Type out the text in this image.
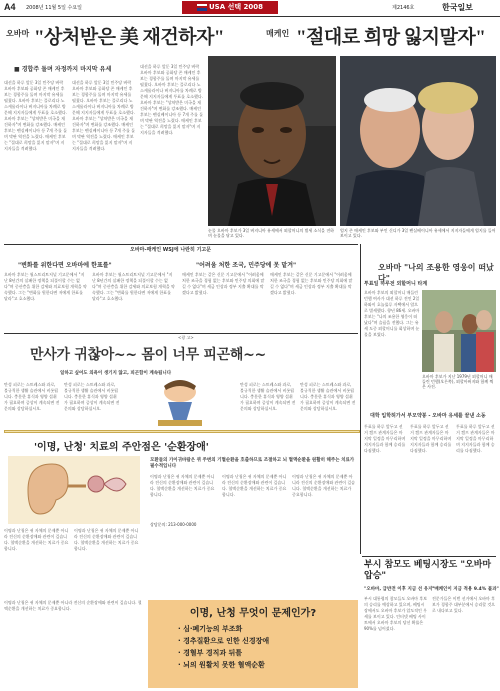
A4 2008년 11월 5일 수요일	USA 선택 2008	제2146호	한국일보
오바마 "상처받은 美 재건하자"	매케인 "절대로 희망 잃지말자"
■ 경합주 돌며 자정까지 마지막 유세
대선을 하루 앞둔 3일 민주당 버락 오바마 후보와 공화당 존 매케인 후보는 경합주를 돌며 마지막 유세를 펼쳤다. 오바마 후보는 플로리다 노스캐롤라이나 버지니아를 차례로 방문해 지지자들에게 투표를 호소했다. 오바마 후보는 "상처받은 미국을 재건하자"며 변화를 강조했다. 매케인 후보는 펜실베이니아 등 7개 주를 돌며 막판 역전을 노렸다. 매케인 후보는 "절대로 희망을 잃지 말자"며 지지자들을 격려했다.
대선을 하루 앞둔 3일 민주당 버락 오바마 후보와 공화당 존 매케인 후보는 경합주를 돌며 마지막 유세를 펼쳤다. 오바마 후보는 플로리다 노스캐롤라이나 버지니아를 차례로 방문해 지지자들에게 투표를 호소했다. 오바마 후보는 "상처받은 미국을 재건하자"며 변화를 강조했다. 매케인 후보는 펜실베이니아 등 7개 주를 돌며 막판 역전을 노렸다. 매케인 후보는 "절대로 희망을 잃지 말자"며 지지자들을 격려했다.
대선을 하루 앞둔 3일 민주당 버락 오바마 후보와 공화당 존 매케인 후보는 경합주를 돌며 마지막 유세를 펼쳤다. 오바마 후보는 플로리다 노스캐롤라이나 버지니아를 차례로 방문해 지지자들에게 투표를 호소했다. 오바마 후보는 "상처받은 미국을 재건하자"며 변화를 강조했다. 매케인 후보는 펜실베이니아 등 7개 주를 돌며 막판 역전을 노렸다. 매케인 후보는 "절대로 희망을 잃지 말자"며 지지자들을 격려했다.
눈물 오바마 후보가 3일 버지니아 유세에서 외할머니의 별세 소식을 전하며 눈물을 닦고 있다.
엄지 존 매케인 후보와 부인 신디가 3일 펜실베이니아 유세에서 지지자들에게 엄지를 들어 보이고 있다.
오바마-매케인 WSJ에 나란히 기고문
"변화를 위한다면 오바마에 한표를"
오바마 후보는 월스트리트저널 기고문에서 "지난 8년간의 실패한 정책을 되풀이할 수는 없다"며 중산층을 위한 감세와 의료보험 개혁을 약속했다. 그는 "변화를 원한다면 저에게 한표를 달라"고 호소했다.
오바마 후보는 월스트리트저널 기고문에서 "지난 8년간의 실패한 정책을 되풀이할 수는 없다"며 중산층을 위한 감세와 의료보험 개혁을 약속했다. 그는 "변화를 원한다면 저에게 한표를 달라"고 호소했다.
"어려움 처한 조국, 민주당에 못 맡겨"
매케인 후보는 같은 신문 기고문에서 "어려움에 처한 조국을 경험 없는 후보와 민주당 의회에 맡길 수 없다"며 세금 인상과 정부 지출 확대를 막겠다고 밝혔다.
매케인 후보는 같은 신문 기고문에서 "어려움에 처한 조국을 경험 없는 후보와 민주당 의회에 맡길 수 없다"며 세금 인상과 정부 지출 확대를 막겠다고 밝혔다.
오바마 "나의 조용한 영웅이 떠났다"
투표일 하루전 외할머니 타계
오바마 후보의 외할머니 매들린 던햄 여사가 대선 하루 전인 2일 하와이 호놀룰루 자택에서 암으로 별세했다. 향년 86세. 오바마 후보는 "나의 조용한 영웅이 떠났다"며 슬픔을 전했다. 그는 유세 도중 외할머니를 회상하며 눈물을 보였다.
오바마 후보가 지난 1979년 외할머니 매들린 던햄(오른쪽), 외할아버지와 함께 찍은 사진.
대학 입학허가서 부모약봉 - 오바마 유세를 끝낸 소동
투표를 하루 앞두고 선거 캠프 관계자들은 마지막 일정을 마무리하며 지지자들과 함께 승리를 다짐했다.
투표를 하루 앞두고 선거 캠프 관계자들은 마지막 일정을 마무리하며 지지자들과 함께 승리를 다짐했다.
투표를 하루 앞두고 선거 캠프 관계자들은 마지막 일정을 마무리하며 지지자들과 함께 승리를 다짐했다.
<광 고>
만사가 귀찮아~~ 몸이 너무 피곤해~~
일하고 싶어도 의욕이 생기지 않고, 피곤함이 계속됩니다
만성 피로는 스트레스와 과로, 불규칙한 생활 습관에서 비롯됩니다. 충분한 휴식과 영양 섭취가 필요하며 증상이 계속되면 전문의와 상담하십시오.
만성 피로는 스트레스와 과로, 불규칙한 생활 습관에서 비롯됩니다. 충분한 휴식과 영양 섭취가 필요하며 증상이 계속되면 전문의와 상담하십시오.
만성 피로는 스트레스와 과로, 불규칙한 생활 습관에서 비롯됩니다. 충분한 휴식과 영양 섭취가 필요하며 증상이 계속되면 전문의와 상담하십시오.
만성 피로는 스트레스와 과로, 불규칙한 생활 습관에서 비롯됩니다. 충분한 휴식과 영양 섭취가 필요하며 증상이 계속되면 전문의와 상담하십시오.
'이명, 난청' 치료의 주안점은 '순환장애'
모환들의 가이귀바람은 퀴 주변의 기혈순환을 호출하므로 조절하고 뇌 혈액순환을 원활히 해주는 치료가 필수적입니다
이명과 난청은 귀 자체의 문제뿐 아니라 전신의 순환장애와 관련이 깊습니다. 혈액순환을 개선하는 치료가 중요합니다.
이명과 난청은 귀 자체의 문제뿐 아니라 전신의 순환장애와 관련이 깊습니다. 혈액순환을 개선하는 치료가 중요합니다.
이명과 난청은 귀 자체의 문제뿐 아니라 전신의 순환장애와 관련이 깊습니다. 혈액순환을 개선하는 치료가 중요합니다.
이명과 난청은 귀 자체의 문제뿐 아니라 전신의 순환장애와 관련이 깊습니다. 혈액순환을 개선하는 치료가 중요합니다.
이명과 난청은 귀 자체의 문제뿐 아니라 전신의 순환장애와 관련이 깊습니다. 혈액순환을 개선하는 치료가 중요합니다.
상담문의: 213-000-0000
이명, 난청 무엇이 문제인가?
· 심·폐기능의 부조화
· 경추질환으로 인한 신경장애
· 경혈부 경직과 뒤틀
· 뇌의 원활치 못한 혈액순환
이명과 난청은 귀 자체의 문제뿐 아니라 전신의 순환장애와 관련이 깊습니다. 혈액순환을 개선하는 치료가 중요합니다.
부시 참모도 베팅시장도 "오바마 압승"
"오바마, 급반전 이후 지금 선 유지"
"매케인이 지금 적용 9.4% 불과"
부시 대통령의 참모들도 오바마 후보의 승리를 예상하고 있으며, 베팅시장에서도 오바마 후보가 압도적인 우세를 보이고 있다. 인터넷 베팅 사이트에서 오바마 후보의 당선 확률은 90%를 넘어섰다.
전문가들은 이번 선거에서 오바마 후보가 경합주 대부분에서 승리할 것으로 내다보고 있다.
